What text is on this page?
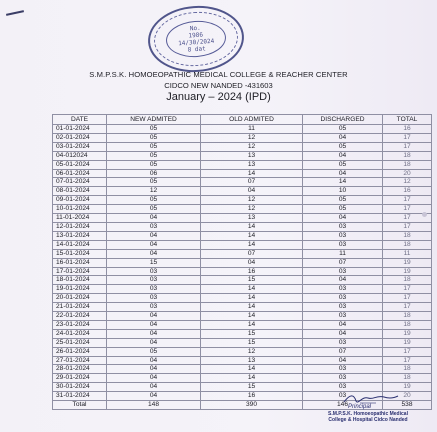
No.
1986
14/30/2024
8 dat
S.M.P.S.K. HOMOEOPATHIC MEDICAL COLLEGE & REACHER CENTER
CIDCO NEW NANDED -431603
January – 2024 (IPD)
DATE	NEW ADMITED	OLD ADMITED	DISCHARGED	TOTAL
01-01-2024	05	11	05	16
02-01-2024	05	12	04	17
03-01-2024	05	12	05	17
04-012024	05	13	04	18
05-01-2024	05	13	05	18
06-01-2024	06	14	04	20
07-01-2024	05	07	14	12
08-01-2024	12	04	10	16
09-01-2024	05	12	05	17
10-01-2024	05	12	05	17
11-01-2024	04	13	04	17
12-01-2024	03	14	03	17
13-01-2024	04	14	03	18
14-01-2024	04	14	03	18
15-01-2024	04	07	11	11
16-01-2024	15	04	07	19
17-01-2024	03	16	03	19
18-01-2024	03	15	04	18
19-01-2024	03	14	03	17
20-01-2024	03	14	03	17
21-01-2024	03	14	03	17
22-01-2024	04	14	03	18
23-01-2024	04	14	04	18
24-01-2024	04	15	04	19
25-01-2024	04	15	03	19
26-01-2024	05	12	07	17
27-01-2024	04	13	04	17
28-01-2024	04	14	03	18
29-01-2024	04	14	03	18
30-01-2024	04	15	03	19
31-01-2024	04	16	03	20
Total	148	390	146	538
Principal
S.M.P.S.K. Homoeopathic Medical
College & Hospital Cidco Nanded
